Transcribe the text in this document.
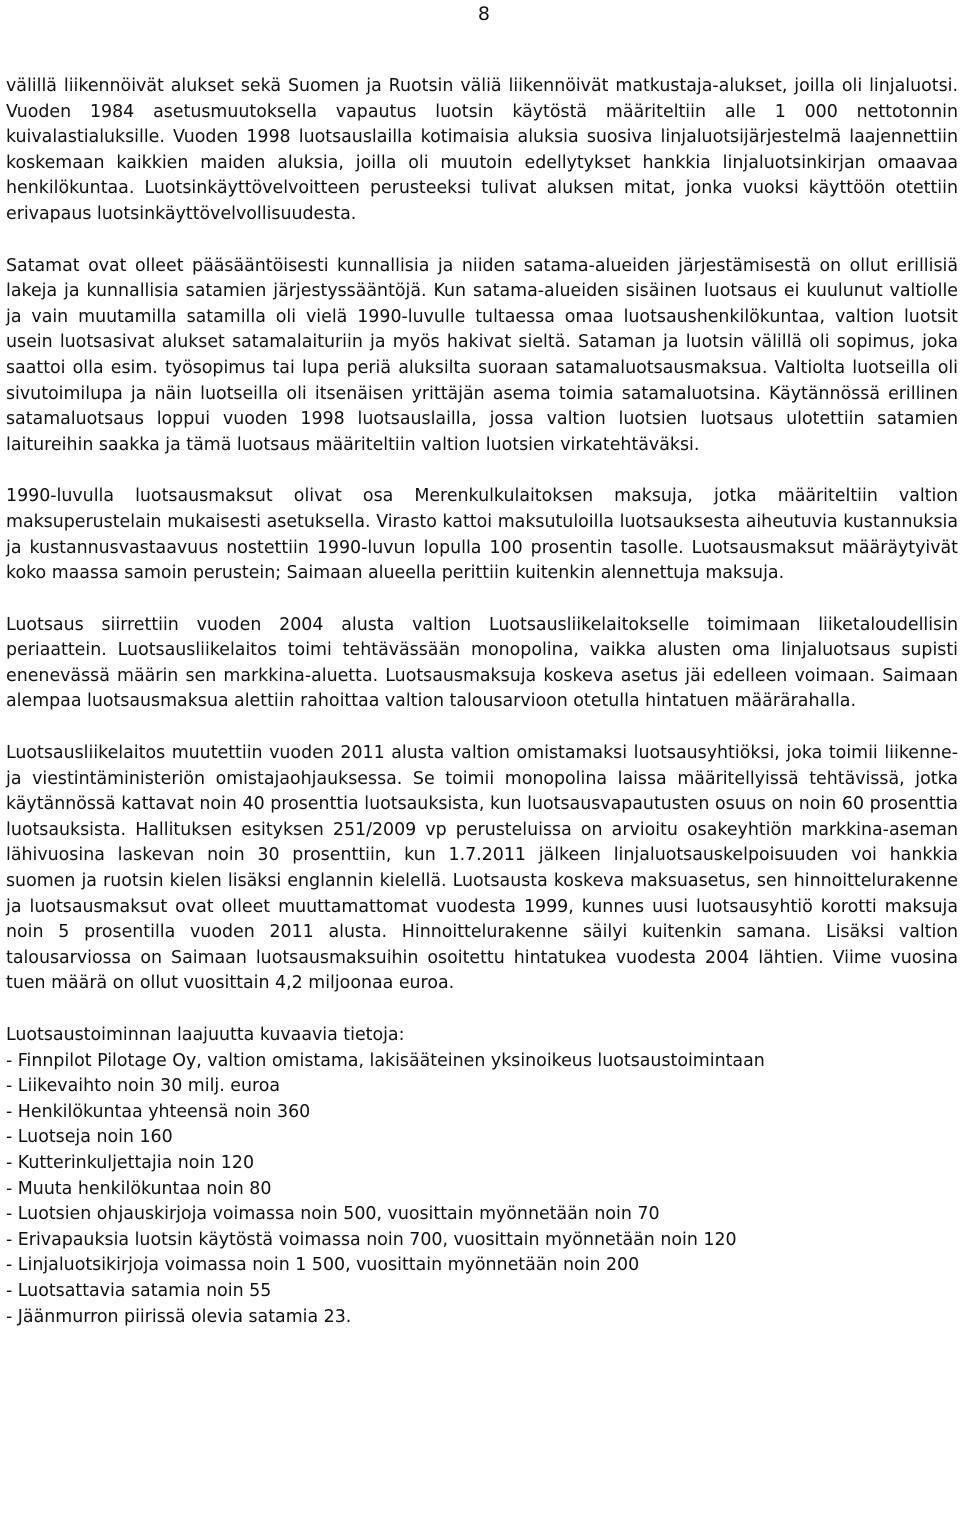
8

välillä liikennöivät alukset sekä Suomen ja Ruotsin väliä liikennöivät matkustaja-alukset, joilla oli linjaluotsi. Vuoden 1984 asetusmuutoksella vapautus luotsin käytöstä määriteltiin alle 1 000 nettotonnin kuivalastialuksille. Vuoden 1998 luotsauslailla kotimaisia aluksia suosiva linjaluotsijärjestelmä laajennettiin koskemaan kaikkien maiden aluksia, joilla oli muutoin edellytykset hankkia linjaluotsinkirjan omaavaa henkilökuntaa. Luotsinkäyttövelvoitteen perusteeksi tulivat aluksen mitat, jonka vuoksi käyttöön otettiin erivapaus luotsinkäyttövelvollisuudesta.

Satamat ovat olleet pääsääntöisesti kunnallisia ja niiden satama-alueiden järjestämisestä on ollut erillisiä lakeja ja kunnallisia satamien järjestyssääntöjä. Kun satama-alueiden sisäinen luotsaus ei kuulunut valtiolle ja vain muutamilla satamilla oli vielä 1990-luvulle tultaessa omaa luotsaushenkilökuntaa, valtion luotsit usein luotsasivat alukset satamalaituriin ja myös hakivat sieltä. Sataman ja luotsin välillä oli sopimus, joka saattoi olla esim. työsopimus tai lupa periä aluksilta suoraan satamaluotsausmaksua. Valtiolta luotseilla oli sivutoimilupa ja näin luotseilla oli itsenäisen yrittäjän asema toimia satamaluotsina. Käytännössä erillinen satamaluotsaus loppui vuoden 1998 luotsauslailla, jossa valtion luotsien luotsaus ulotettiin satamien laitureihin saakka ja tämä luotsaus määriteltiin valtion luotsien virkatehtäväksi.

1990-luvulla luotsausmaksut olivat osa Merenkulkulaitoksen maksuja, jotka määriteltiin valtion maksuperustelain mukaisesti asetuksella. Virasto kattoi maksutuloilla luotsauksesta aiheutuvia kustannuksia ja kustannusvastaavuus nostettiin 1990-luvun lopulla 100 prosentin tasolle. Luotsausmaksut määräytyivät koko maassa samoin perustein; Saimaan alueella perittiin kuitenkin alennettuja maksuja.

Luotsaus siirrettiin vuoden 2004 alusta valtion Luotsausliikelaitokselle toimimaan liiketaloudellisin periaattein. Luotsausliikelaitos toimi tehtävässään monopolina, vaikka alusten oma linjaluotsaus supisti enenevässä määrin sen markkina-aluetta. Luotsausmaksuja koskeva asetus jäi edelleen voimaan. Saimaan alempaa luotsausmaksua alettiin rahoittaa valtion talousarvioon otetulla hintatuen määrärahalla.

Luotsausliikelaitos muutettiin vuoden 2011 alusta valtion omistamaksi luotsausyhtiöksi, joka toimii liikenne- ja viestintäministeriön omistajaohjauksessa. Se toimii monopolina laissa määritellyissä tehtävissä, jotka käytännössä kattavat noin 40 prosenttia luotsauksista, kun luotsausvapautusten osuus on noin 60 prosenttia luotsauksista. Hallituksen esityksen 251/2009 vp perusteluissa on arvioitu osakeyhtiön markkina-aseman lähivuosina laskevan noin 30 prosenttiin, kun 1.7.2011 jälkeen linjaluotsauskelpoisuuden voi hankkia suomen ja ruotsin kielen lisäksi englannin kielellä. Luotsausta koskeva maksuasetus, sen hinnoittelurakenne ja luotsausmaksut ovat olleet muuttamattomat vuodesta 1999, kunnes uusi luotsausyhtiö korotti maksuja noin 5 prosentilla vuoden 2011 alusta. Hinnoittelurakenne säilyi kuitenkin samana. Lisäksi valtion talousarviossa on Saimaan luotsausmaksuihin osoitettu hintatukea vuodesta 2004 lähtien. Viime vuosina tuen määrä on ollut vuosittain 4,2 miljoonaa euroa.

Luotsaustoiminnan laajuutta kuvaavia tietoja:

- Finnpilot Pilotage Oy, valtion omistama, lakisääteinen yksinoikeus luotsaustoimintaan
- Liikevaihto noin 30 milj. euroa
- Henkilökuntaa yhteensä noin 360
- Luotseja noin 160
- Kutterinkuljettajia noin 120
- Muuta henkilökuntaa noin 80
- Luotsien ohjauskirjoja voimassa noin 500, vuosittain myönnetään noin 70
- Erivapauksia luotsin käytöstä voimassa noin 700, vuosittain myönnetään noin 120
- Linjaluotsikirjoja voimassa noin 1 500, vuosittain myönnetään noin 200
- Luotsattavia satamia noin 55
- Jäänmurron piirissä olevia satamia 23.
